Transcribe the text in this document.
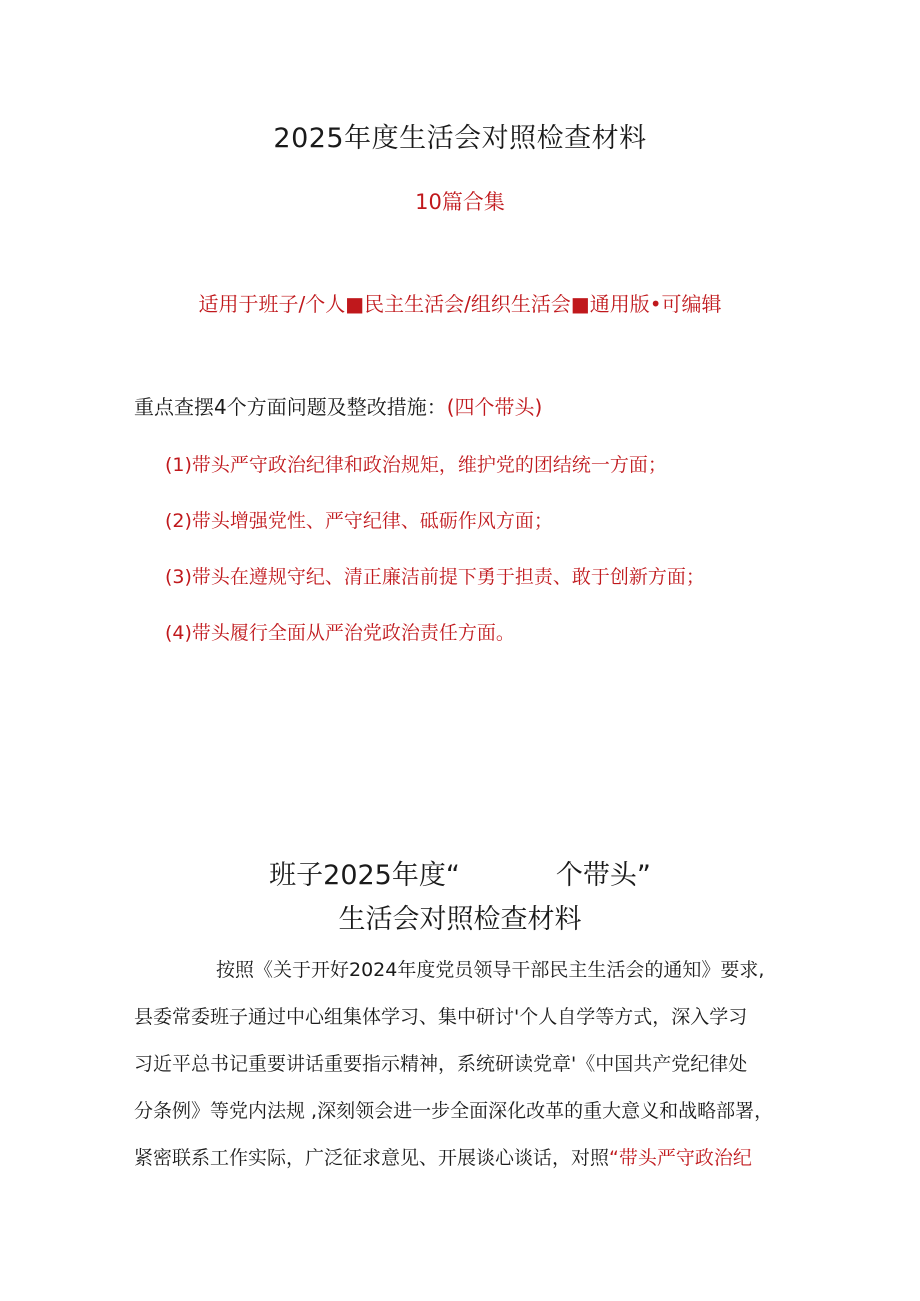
2025年度生活会对照检查材料
10篇合集
适用于班子/个人■民主生活会/组织生活会■通用版•可编辑
重点查摆4个方面问题及整改措施：(四个带头)
(1)带头严守政治纪律和政治规矩，维护党的团结统一方面；
(2)带头增强党性、严守纪律、砥砺作风方面；
(3)带头在遵规守纪、清正廉洁前提下勇于担责、敢于创新方面；
(4)带头履行全面从严治党政治责任方面。
班子2025年度“	个带头”
生活会对照检查材料
按照《关于开好2024年度党员领导干部民主生活会的通知》要求,
县委常委班子通过中心组集体学习、集中研讨'个人自学等方式，深入学习
习近平总书记重要讲话重要指示精神，系统研读党章'《中国共产党纪律处
分条例》等党内法规 ,深刻领会进一步全面深化改革的重大意义和战略部署，
紧密联系工作实际，广泛征求意见、开展谈心谈话，对照“带头严守政治纪
